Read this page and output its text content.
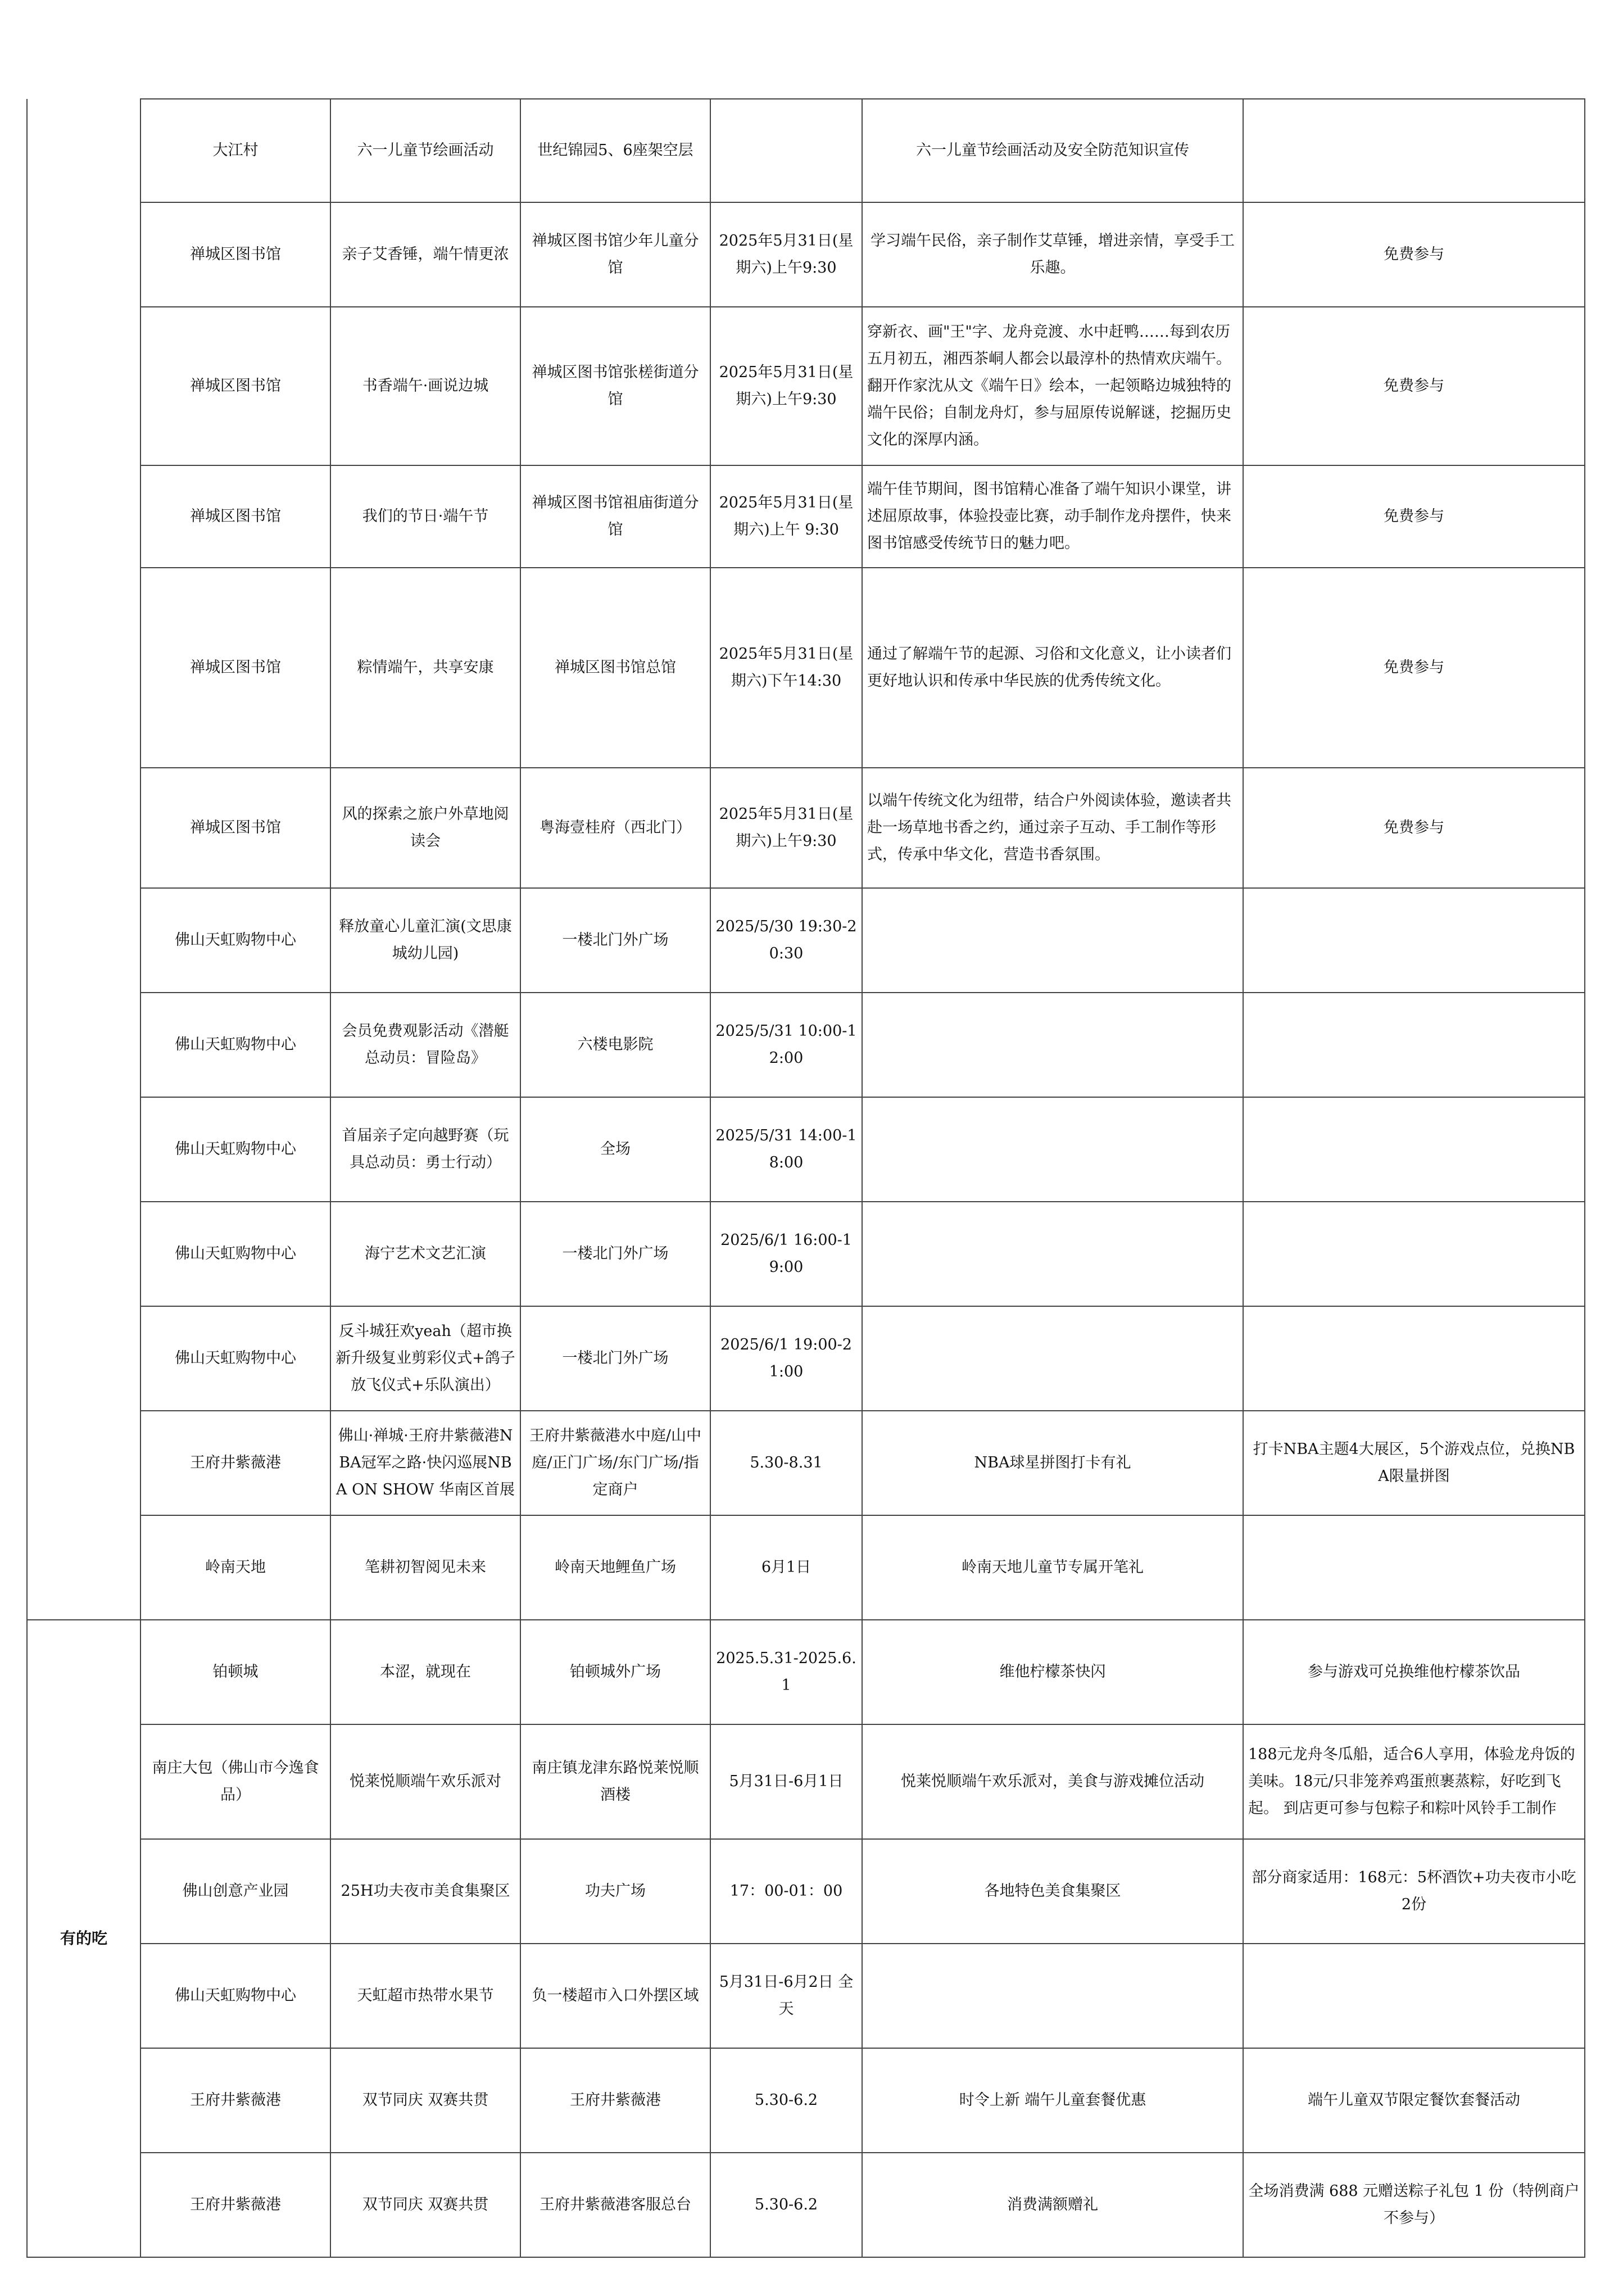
	大江村	六一儿童节绘画活动	世纪锦园5、6座架空层		六一儿童节绘画活动及安全防范知识宣传	
	禅城区图书馆	亲子艾香锤，端午情更浓	禅城区图书馆少年儿童分馆	2025年5月31日(星期六)上午9:30	学习端午民俗，亲子制作艾草锤，增进亲情，享受手工乐趣。	免费参与
	禅城区图书馆	书香端午·画说边城	禅城区图书馆张槎街道分馆	2025年5月31日(星期六)上午9:30	穿新衣、画"王"字、龙舟竞渡、水中赶鸭……每到农历五月初五，湘西茶峒人都会以最淳朴的热情欢庆端午。翻开作家沈从文《端午日》绘本，一起领略边城独特的端午民俗；自制龙舟灯，参与屈原传说解谜，挖掘历史文化的深厚内涵。	免费参与
	禅城区图书馆	我们的节日·端午节	禅城区图书馆祖庙街道分馆	2025年5月31日(星期六)上午 9:30	端午佳节期间，图书馆精心准备了端午知识小课堂，讲述屈原故事，体验投壶比赛，动手制作龙舟摆件，快来图书馆感受传统节日的魅力吧。	免费参与
	禅城区图书馆	粽情端午，共享安康	禅城区图书馆总馆	2025年5月31日(星期六)下午14:30	通过了解端午节的起源、习俗和文化意义，让小读者们更好地认识和传承中华民族的优秀传统文化。	免费参与
	禅城区图书馆	风的探索之旅户外草地阅读会	粤海壹桂府（西北门）	2025年5月31日(星期六)上午9:30	以端午传统文化为纽带，结合户外阅读体验，邀读者共赴一场草地书香之约，通过亲子互动、手工制作等形式，传承中华文化，营造书香氛围。	免费参与
	佛山天虹购物中心	释放童心儿童汇演(文思康城幼儿园)	一楼北门外广场	2025/5/30 19:30-20:30		
	佛山天虹购物中心	会员免费观影活动《潜艇总动员：冒险岛》	六楼电影院	2025/5/31 10:00-12:00		
	佛山天虹购物中心	首届亲子定向越野赛（玩具总动员：勇士行动）	全场	2025/5/31 14:00-18:00		
	佛山天虹购物中心	海宁艺术文艺汇演	一楼北门外广场	2025/6/1 16:00-19:00		
	佛山天虹购物中心	反斗城狂欢yeah（超市换新升级复业剪彩仪式+鸽子放飞仪式+乐队演出）	一楼北门外广场	2025/6/1 19:00-21:00		
	王府井紫薇港	佛山·禅城·王府井紫薇港NBA冠军之路·快闪巡展NBA ON SHOW 华南区首展	王府井紫薇港水中庭/山中庭/正门广场/东门广场/指定商户	5.30-8.31	NBA球星拼图打卡有礼	打卡NBA主题4大展区，5个游戏点位，兑换NBA限量拼图
	岭南天地	笔耕初智阅见未来	岭南天地鲤鱼广场	6月1日	岭南天地儿童节专属开笔礼	
有的吃	铂顿城	本涩，就现在	铂顿城外广场	2025.5.31-2025.6.1	维他柠檬茶快闪	参与游戏可兑换维他柠檬茶饮品
	南庄大包（佛山市今逸食品）	悦莱悦顺端午欢乐派对	南庄镇龙津东路悦莱悦顺酒楼	5月31日-6月1日	悦莱悦顺端午欢乐派对，美食与游戏摊位活动	188元龙舟冬瓜船，适合6人享用，体验龙舟饭的美味。18元/只非笼养鸡蛋煎裹蒸粽，好吃到飞起。 到店更可参与包粽子和粽叶风铃手工制作
	佛山创意产业园	25H功夫夜市美食集聚区	功夫广场	17：00-01：00	各地特色美食集聚区	部分商家适用：168元：5杯酒饮+功夫夜市小吃2份
	佛山天虹购物中心	天虹超市热带水果节	负一楼超市入口外摆区域	5月31日-6月2日 全天		
	王府井紫薇港	双节同庆 双赛共贯	王府井紫薇港	5.30-6.2	时令上新 端午儿童套餐优惠	端午儿童双节限定餐饮套餐活动
	王府井紫薇港	双节同庆 双赛共贯	王府井紫薇港客服总台	5.30-6.2	消费满额赠礼	全场消费满 688 元赠送粽子礼包 1 份（特例商户不参与）
